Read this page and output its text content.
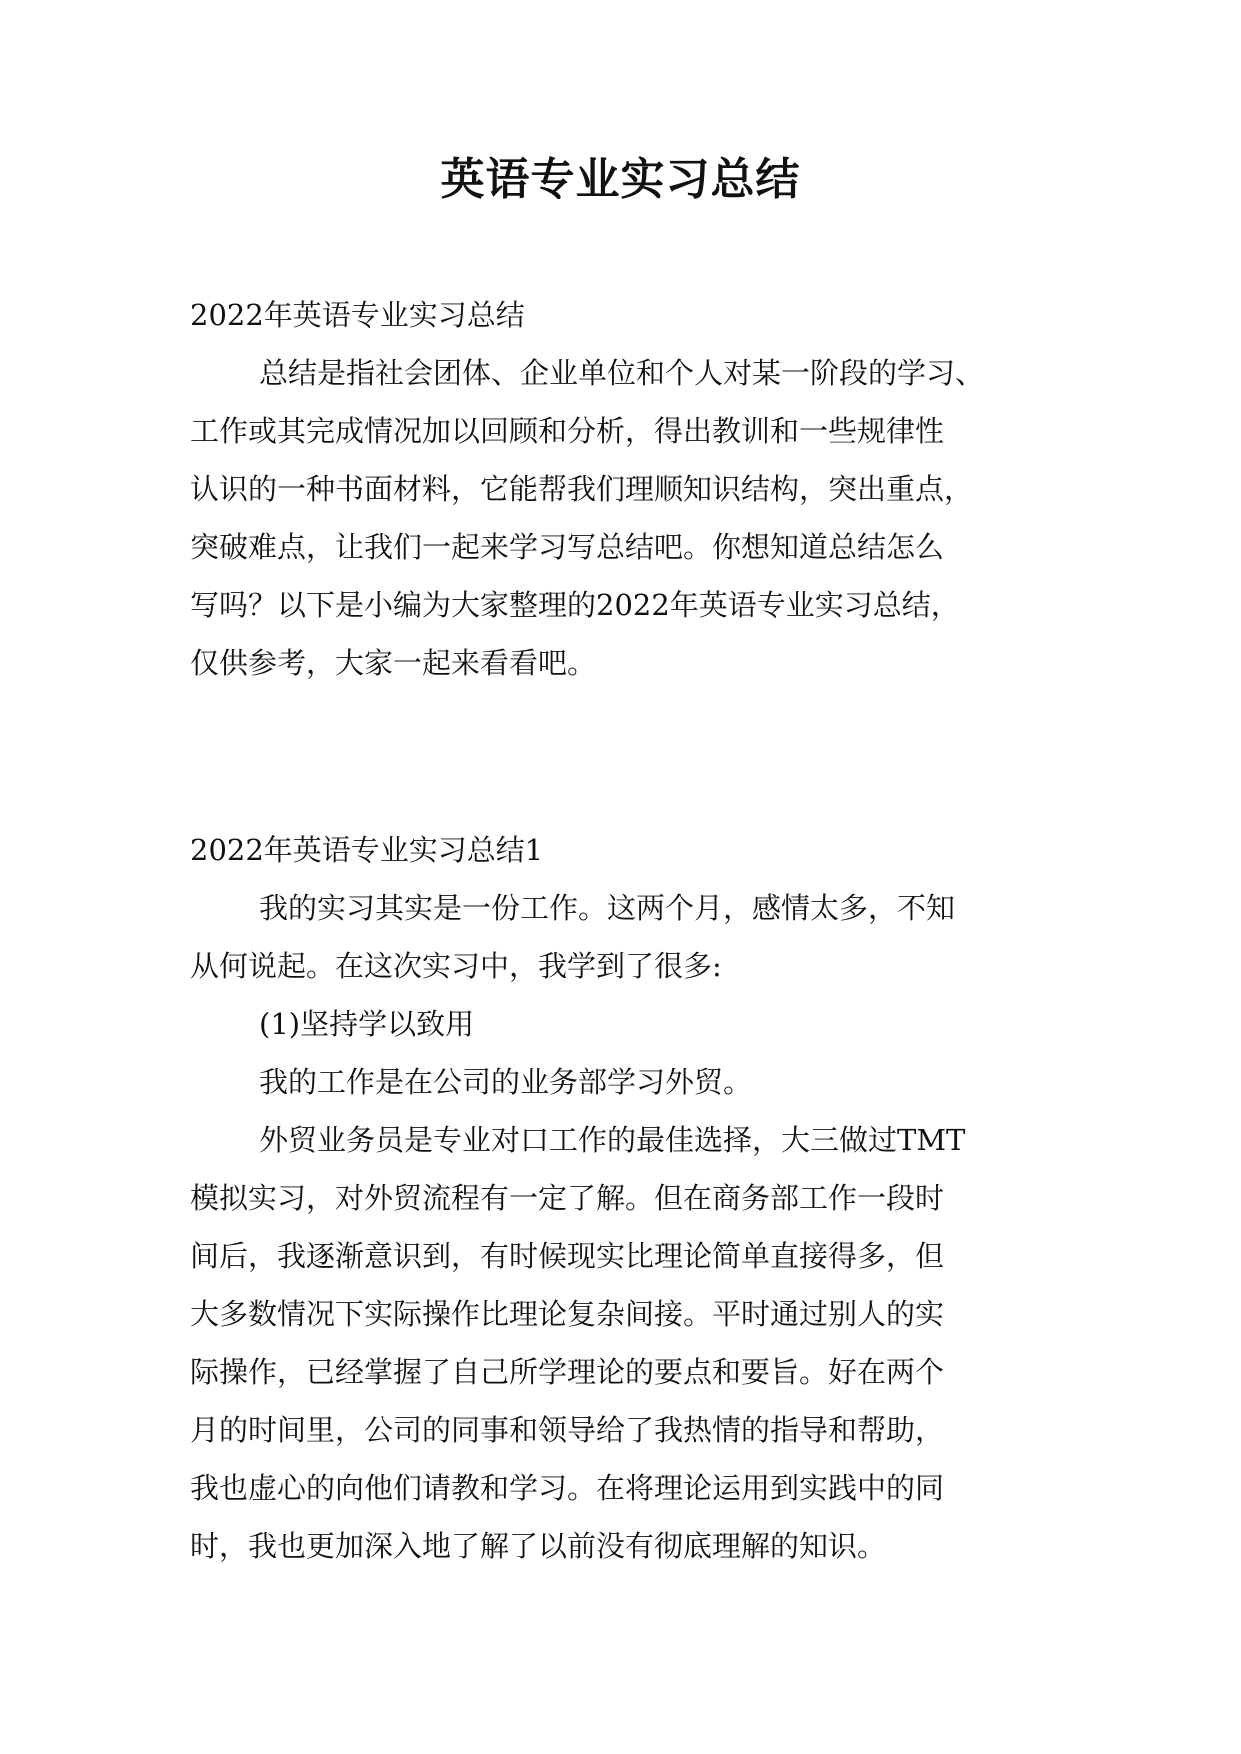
英语专业实习总结
2022年英语专业实习总结
总结是指社会团体、企业单位和个人对某一阶段的学习、
工作或其完成情况加以回顾和分析，得出教训和一些规律性
认识的一种书面材料，它能帮我们理顺知识结构，突出重点，
突破难点，让我们一起来学习写总结吧。你想知道总结怎么
写吗？以下是小编为大家整理的2022年英语专业实习总结，
仅供参考，大家一起来看看吧。
2022年英语专业实习总结1
我的实习其实是一份工作。这两个月，感情太多，不知
从何说起。在这次实习中，我学到了很多:
(1)坚持学以致用
我的工作是在公司的业务部学习外贸。
外贸业务员是专业对口工作的最佳选择，大三做过TMT
模拟实习，对外贸流程有一定了解。但在商务部工作一段时
间后，我逐渐意识到，有时候现实比理论简单直接得多，但
大多数情况下实际操作比理论复杂间接。平时通过别人的实
际操作，已经掌握了自己所学理论的要点和要旨。好在两个
月的时间里，公司的同事和领导给了我热情的指导和帮助，
我也虚心的向他们请教和学习。在将理论运用到实践中的同
时，我也更加深入地了解了以前没有彻底理解的知识。
